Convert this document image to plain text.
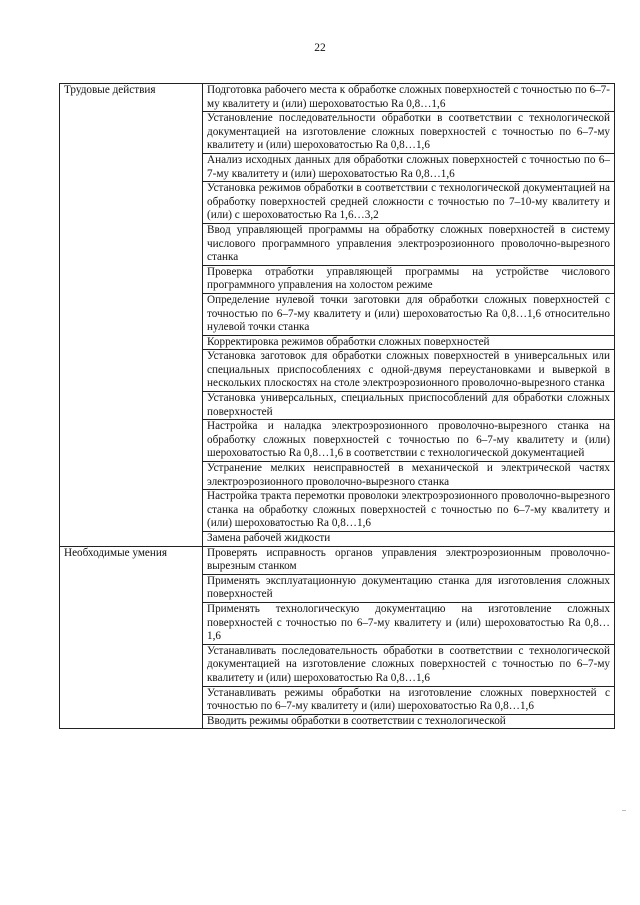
22
Трудовые действия	Подготовка рабочего места к обработке сложных поверхностей с точностью по 6–7-му квалитету и (или) шероховатостью Ra 0,8…1,6
	Установление последовательности обработки в соответствии с технологической документацией на изготовление сложных поверхностей с точностью по 6–7-му квалитету и (или) шероховатостью Ra 0,8…1,6
	Анализ исходных данных для обработки сложных поверхностей с точностью по 6–7-му квалитету и (или) шероховатостью Ra 0,8…1,6
	Установка режимов обработки в соответствии с технологической документацией на обработку поверхностей средней сложности с точностью по 7–10-му квалитету и (или) с шероховатостью Ra 1,6…3,2
	Ввод управляющей программы на обработку сложных поверхностей в систему числового программного управления электроэрозионного проволочно-вырезного станка
	Проверка отработки управляющей программы на устройстве числового программного управления на холостом режиме
	Определение нулевой точки заготовки для обработки сложных поверхностей с точностью по 6–7-му квалитету и (или) шероховатостью Ra 0,8…1,6 относительно нулевой точки станка
	Корректировка режимов обработки сложных поверхностей
	Установка заготовок для обработки сложных поверхностей в универсальных или специальных приспособлениях с одной-двумя переустановками и выверкой в нескольких плоскостях на столе электроэрозионного проволочно-вырезного станка
	Установка универсальных, специальных приспособлений для обработки сложных поверхностей
	Настройка и наладка электроэрозионного проволочно-вырезного станка на обработку сложных поверхностей с точностью по 6–7-му квалитету и (или) шероховатостью Ra 0,8…1,6 в соответствии с технологической документацией
	Устранение мелких неисправностей в механической и электрической частях электроэрозионного проволочно-вырезного станка
	Настройка тракта перемотки проволоки электроэрозионного проволочно-вырезного станка на обработку сложных поверхностей с точностью по 6–7-му квалитету и (или) шероховатостью Ra 0,8…1,6
	Замена рабочей жидкости
Необходимые умения	Проверять исправность органов управления электроэрозионным проволочно-вырезным станком
	Применять эксплуатационную документацию станка для изготовления сложных поверхностей
	Применять технологическую документацию на изготовление сложных поверхностей с точностью по 6–7-му квалитету и (или) шероховатостью Ra 0,8…1,6
	Устанавливать последовательность обработки в соответствии с технологической документацией на изготовление сложных поверхностей с точностью по 6–7-му квалитету и (или) шероховатостью Ra 0,8…1,6
	Устанавливать режимы обработки на изготовление сложных поверхностей с точностью по 6–7-му квалитету и (или) шероховатостью Ra 0,8…1,6

	Вводить режимы обработки в соответствии с технологической
